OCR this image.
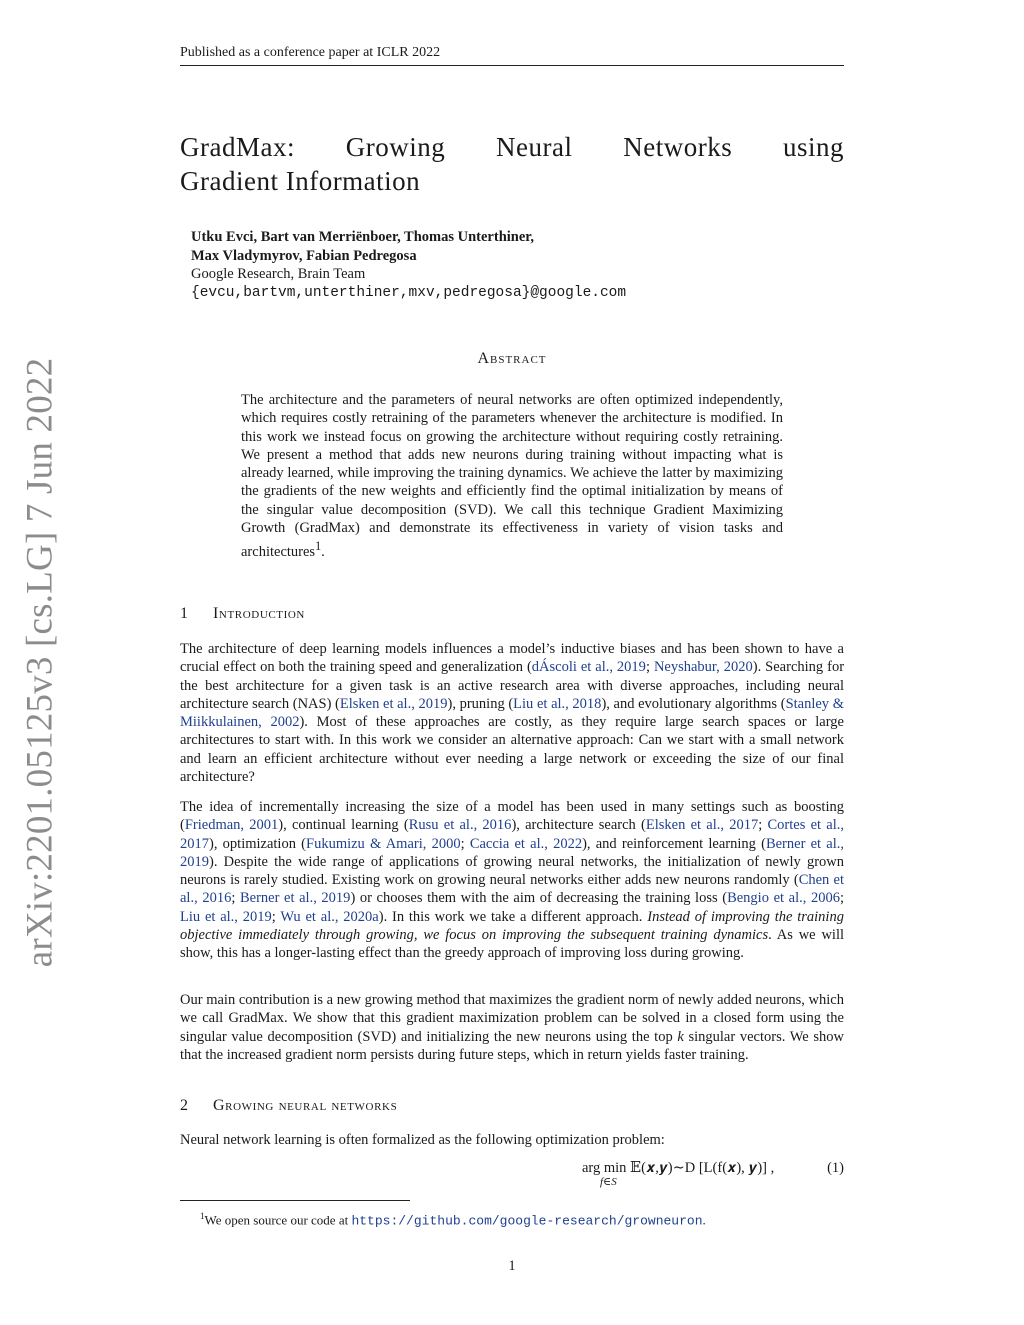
Published as a conference paper at ICLR 2022
arXiv:2201.05125v3 [cs.LG] 7 Jun 2022
GradMax: Growing Neural Networks using
Gradient Information
Utku Evci, Bart van Merriënboer, Thomas Unterthiner,
Max Vladymyrov, Fabian Pedregosa
Google Research, Brain Team
{evcu,bartvm,unterthiner,mxv,pedregosa}@google.com
Abstract
The architecture and the parameters of neural networks are often optimized independently, which requires costly retraining of the parameters whenever the architecture is modified. In this work we instead focus on growing the architecture without requiring costly retraining. We present a method that adds new neurons during training without impacting what is already learned, while improving the training dynamics. We achieve the latter by maximizing the gradients of the new weights and efficiently find the optimal initialization by means of the singular value decomposition (SVD). We call this technique Gradient Maximizing Growth (GradMax) and demonstrate its effectiveness in variety of vision tasks and architectures$^1$.
1 Introduction
The architecture of deep learning models influences a model’s inductive biases and has been shown to have a crucial effect on both the training speed and generalization (dÁscoli et al., 2019; Neyshabur, 2020). Searching for the best architecture for a given task is an active research area with diverse approaches, including neural architecture search (NAS) (Elsken et al., 2019), pruning (Liu et al., 2018), and evolutionary algorithms (Stanley & Miikkulainen, 2002). Most of these approaches are costly, as they require large search spaces or large architectures to start with. In this work we consider an alternative approach: Can we start with a small network and learn an efficient architecture without ever needing a large network or exceeding the size of our final architecture?
The idea of incrementally increasing the size of a model has been used in many settings such as boosting (Friedman, 2001), continual learning (Rusu et al., 2016), architecture search (Elsken et al., 2017; Cortes et al., 2017), optimization (Fukumizu & Amari, 2000; Caccia et al., 2022), and reinforcement learning (Berner et al., 2019). Despite the wide range of applications of growing neural networks, the initialization of newly grown neurons is rarely studied. Existing work on growing neural networks either adds new neurons randomly (Chen et al., 2016; Berner et al., 2019) or chooses them with the aim of decreasing the training loss (Bengio et al., 2006; Liu et al., 2019; Wu et al., 2020a). In this work we take a different approach. Instead of improving the training objective immediately through growing, we focus on improving the subsequent training dynamics. As we will show, this has a longer-lasting effect than the greedy approach of improving loss during growing.
Our main contribution is a new growing method that maximizes the gradient norm of newly added neurons, which we call GradMax. We show that this gradient maximization problem can be solved in a closed form using the singular value decomposition (SVD) and initializing the new neurons using the top k singular vectors. We show that the increased gradient norm persists during future steps, which in return yields faster training.
2 Growing neural networks
Neural network learning is often formalized as the following optimization problem:
arg min 𝔼(𝒙,𝒚)∼D [L(f(𝒙), 𝒚)] ,
f∈S
(1)
$^1$We open source our code at https://github.com/google-research/growneuron.
1
